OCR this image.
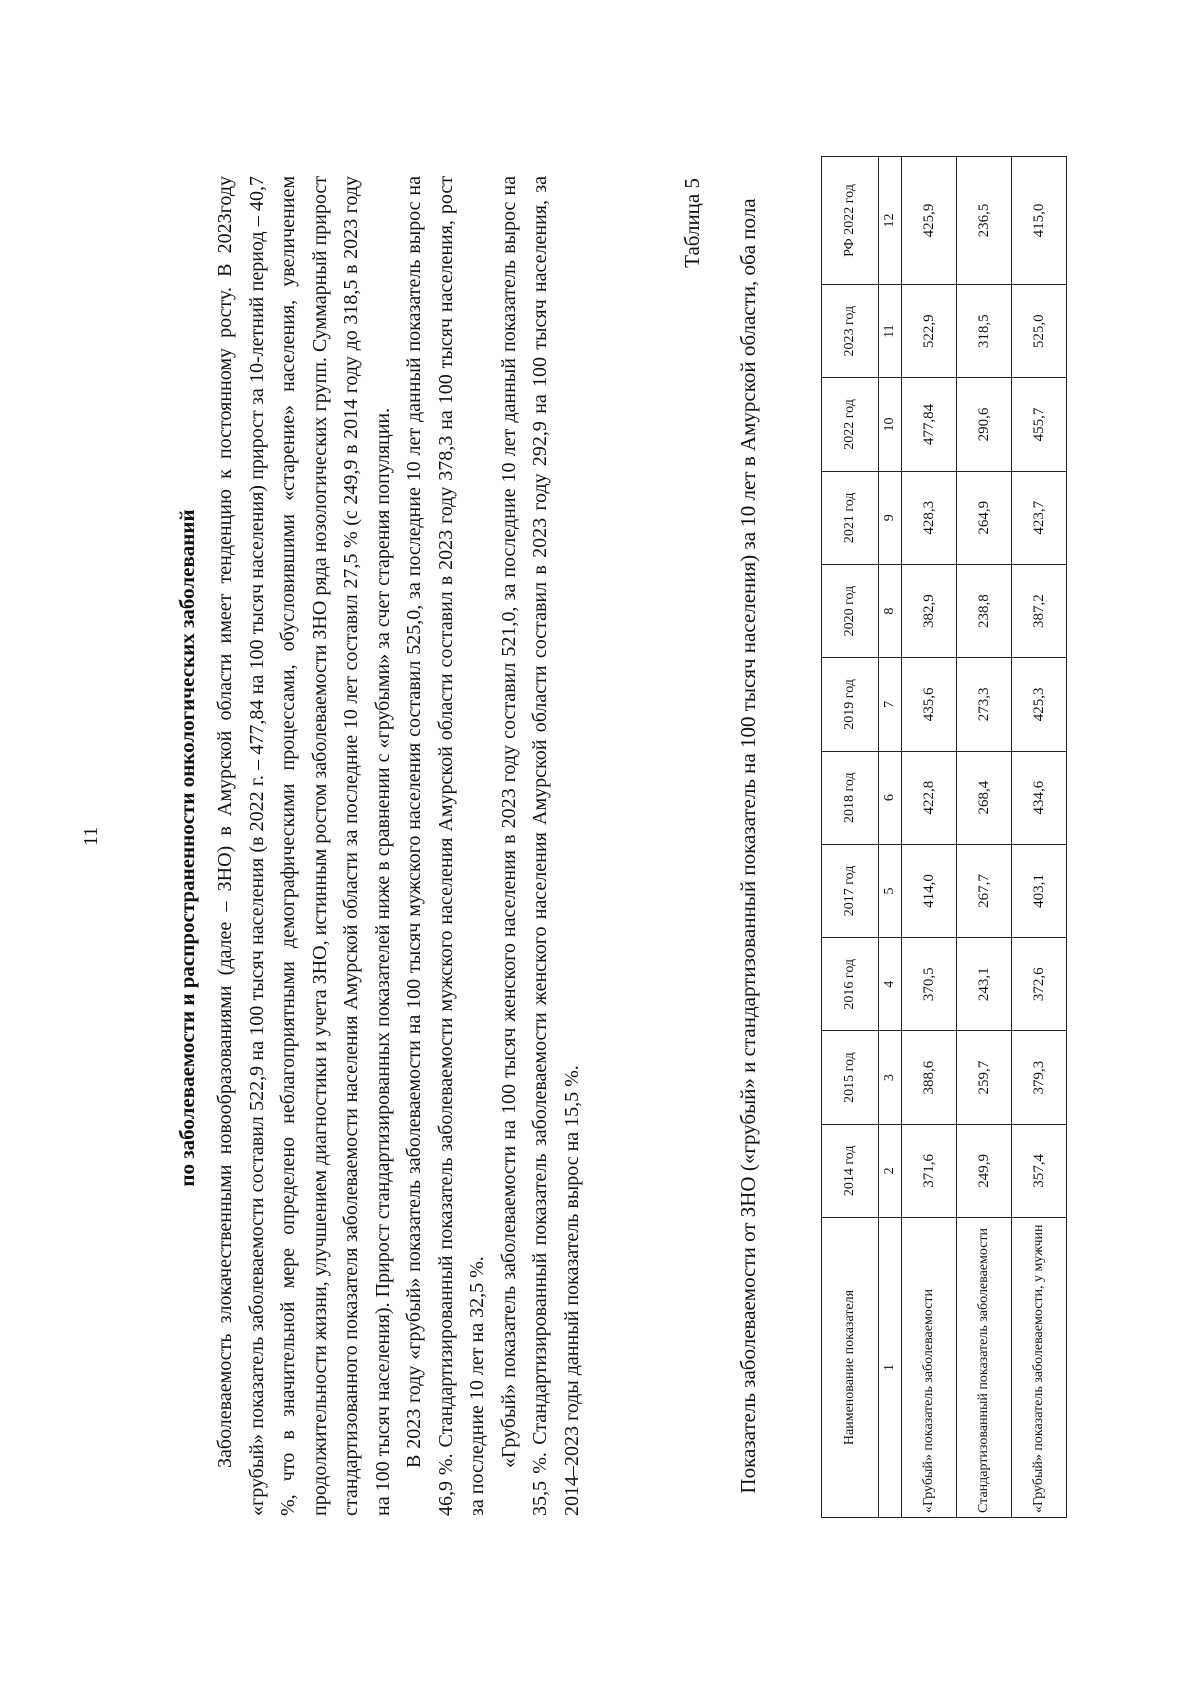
11	по заболеваемости и распространенности онкологических заболеваний Заболеваемость злокачественными новообразованиями (далее – ЗНО) в Амурской области имеет тенденцию к постоянному росту. В 2023году «грубый» показатель заболеваемости составил 522,9 на 100 тысяч населения (в 2022 г. – 477,84 на 100 тысяч населения) прирост за 10-летний период – 40,7 %, что в значительной мере определено неблагоприятными демографическими процессами, обусловившими «старение» населения, увеличением продолжительности жизни, улучшением диагностики и учета ЗНО, истинным ростом заболеваемости ЗНО ряда нозологических групп. Суммарный прирост стандартизованного показателя заболеваемости населения Амурской области за последние 10 лет составил 27,5 % (с 249,9 в 2014 году до 318,5 в 2023 году на 100 тысяч населения). Прирост стандартизированных показателей ниже в сравнении с «грубыми» за счет старения популяции. В 2023 году «грубый» показатель заболеваемости на 100 тысяч мужского населения составил 525,0, за последние 10 лет данный показатель вырос на 46,9 %. Стандартизированный показатель заболеваемости мужского населения Амурской области составил в 2023 году 378,3 на 100 тысяч населения, рост за последние 10 лет на 32,5 %. «Грубый» показатель заболеваемости на 100 тысяч женского населения в 2023 году составил 521,0, за последние 10 лет данный показатель вырос на 35,5 %. Стандартизированный показатель заболеваемости женского населения Амурской области составил в 2023 году 292,9 на 100 тысяч населения, за 2014–2023 годы данный показатель вырос на 15,5 %.

Таблица 5 Показатель заболеваемости от ЗНО («грубый» и стандартизованный показатель на 100 тысяч населения) за 10 лет в Амурской области, оба пола	Наименование показателя	2014 год	2015 год	2016 год	2017 год	2018 год	2019 год	2020 год	2021 год	2022 год	2023 год	РФ 2022 год
1	2	3	4	5	6	7	8	9	10	11	12
«Грубый» показатель заболеваемости	371,6	388,6	370,5	414,0	422,8	435,6	382,9	428,3	477,84	522,9	425,9
Стандартизованный показатель заболеваемости	249,9	259,7	243,1	267,7	268,4	273,3	238,8	264,9	290,6	318,5	236,5
«Грубый» показатель заболеваемости, у мужчин	357,4	379,3	372,6	403,1	434,6	425,3	387,2	423,7	455,7	525,0	415,0
